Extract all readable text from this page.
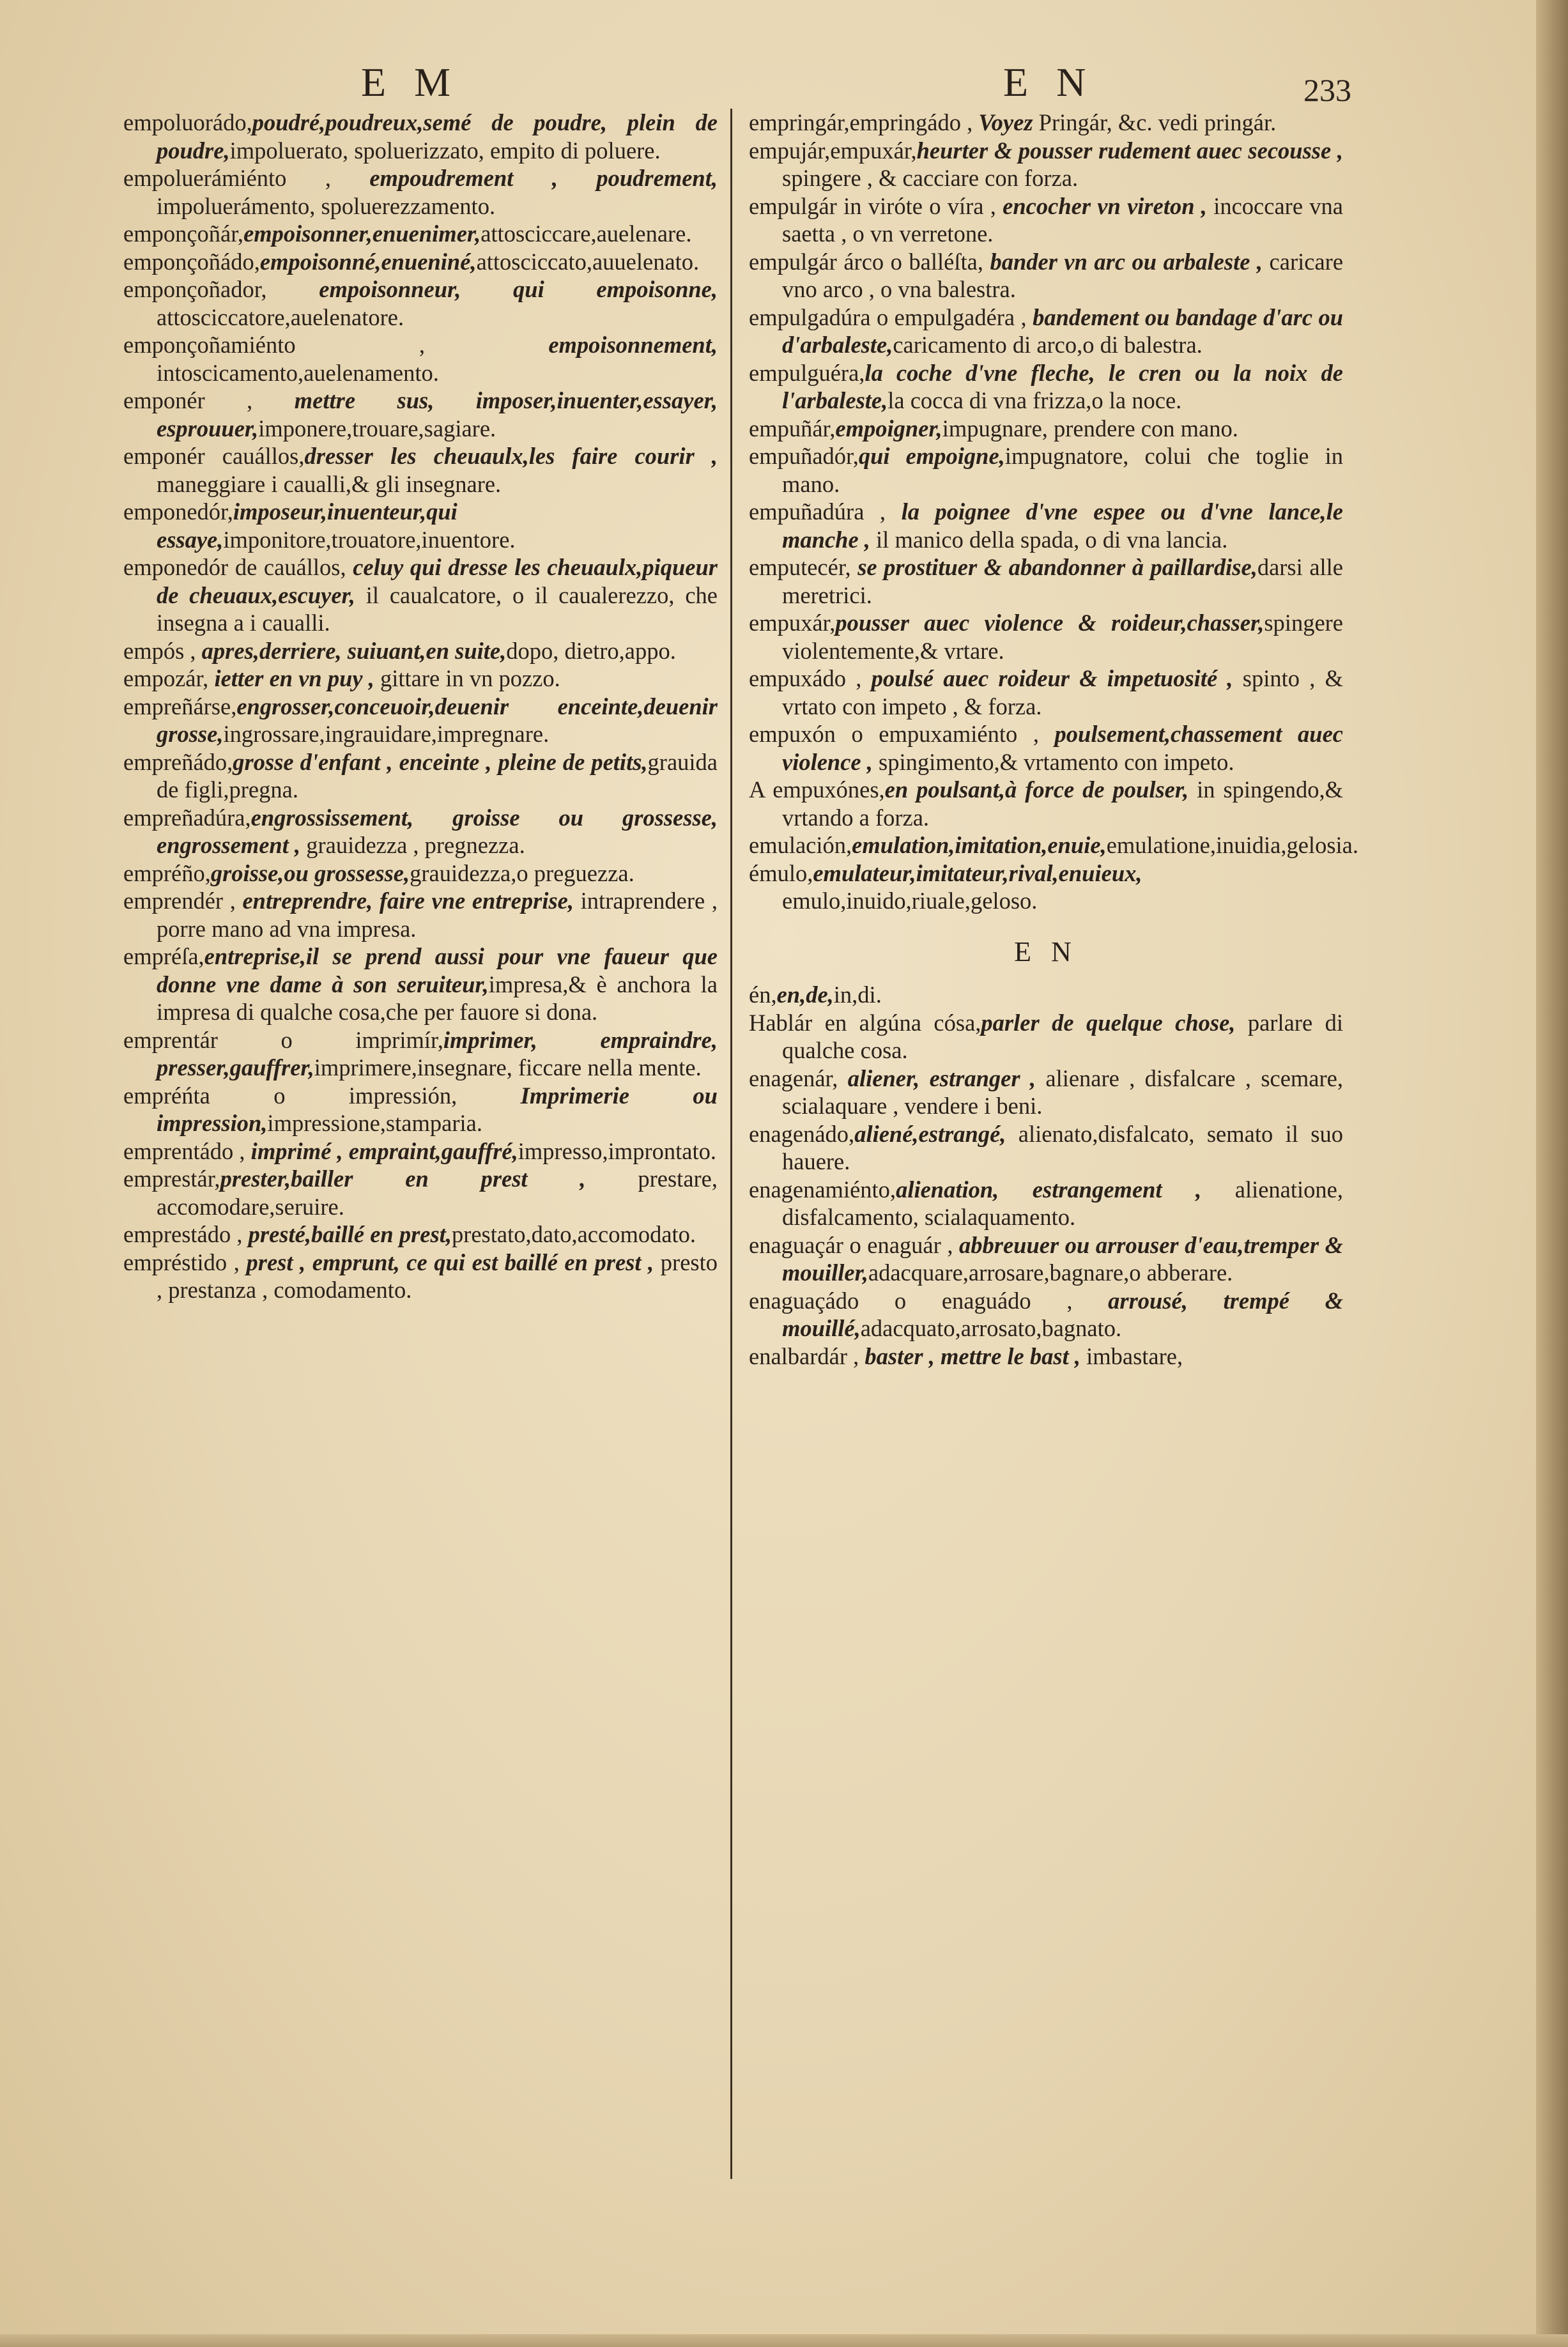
E M	E N	233

empoluorádo,poudré,poudreux,semé de poudre, plein de poudre,impoluerato, spoluerizzato, empito di poluere.

empoluerámiénto , empoudrement , poudrement, impoluerámento, spoluerezzamento.

emponçoñár,empoisonner,enuenimer,attosciccare,auelenare.

emponçoñádo,empoisonné,enueniné,attosciccato,auuelenato.

emponçoñador, empoisonneur, qui empoisonne, attosciccatore,auelenatore.

emponçoñamiénto , empoisonnement, intoscicamento,auelenamento.

emponér , mettre sus, imposer,inuenter,essayer, esprouuer,imponere,trouare,sagiare.

emponér cauállos,dresser les cheuaulx,les faire courir , maneggiare i caualli,& gli insegnare.

emponedór,imposeur,inuenteur,qui essaye,imponitore,trouatore,inuentore.

emponedór de cauállos, celuy qui dresse les cheuaulx,piqueur de cheuaux,escuyer, il caualcatore, o il caualerezzo, che insegna a i caualli.

empós , apres,derriere, suiuant,en suite,dopo, dietro,appo.

empozár, ietter en vn puy , gittare in vn pozzo.

empreñárse,engrosser,conceuoir,deuenir enceinte,deuenir grosse,ingrossare,ingrauidare,impregnare.

empreñádo,grosse d'enfant , enceinte , pleine de petits,grauida de figli,pregna.

empreñadúra,engrossissement, groisse ou grossesse, engrossement , grauidezza , pregnezza.

empréño,groisse,ou grossesse,grauidezza,o preguezza.

emprendér , entreprendre, faire vne entreprise, intraprendere , porre mano ad vna impresa.

empréſa,entreprise,il se prend aussi pour vne faueur que donne vne dame à son seruiteur,impresa,& è anchora la impresa di qualche cosa,che per fauore si dona.

emprentár o imprimír,imprimer, empraindre, presser,gauffrer,imprimere,insegnare, ficcare nella mente.

empréńta o impressión, Imprimerie ou impression,impressione,stamparia.

emprentádo , imprimé , empraint,gauffré,impresso,improntato.

emprestár,prester,bailler en prest , prestare, accomodare,seruire.

emprestádo , presté,baillé en prest,prestato,dato,accomodato.

empréstido , prest , emprunt, ce qui est baillé en prest , presto , prestanza , comodamento.

empringár,empringádo , Voyez Pringár, &c. vedi pringár.

empujár,empuxár,heurter & pousser rudement auec secousse , spingere , & cacciare con forza.

empulgár in viróte o víra , encocher vn vireton , incoccare vna saetta , o vn verretone.

empulgár árco o balléſta, bander vn arc ou arbaleste , caricare vno arco , o vna balestra.

empulgadúra o empulgadéra , bandement ou bandage d'arc ou d'arbaleste,caricamento di arco,o di balestra.

empulguéra,la coche d'vne fleche, le cren ou la noix de l'arbaleste,la cocca di vna frizza,o la noce.

empuñár,empoigner,impugnare, prendere con mano.

empuñadór,qui empoigne,impugnatore, colui che toglie in mano.

empuñadúra , la poignee d'vne espee ou d'vne lance,le manche , il manico della spada, o di vna lancia.

emputecér, se prostituer & abandonner à paillardise,darsi alle meretrici.

empuxár,pousser auec violence & roideur,chasser,spingere violentemente,& vrtare.

empuxádo , poulsé auec roideur & impetuosité , spinto , & vrtato con impeto , & forza.

empuxón o empuxamiénto , poulsement,chassement auec violence , spingimento,& vrtamento con impeto.

A empuxónes,en poulsant,à force de poulser, in spingendo,& vrtando a forza.

emulación,emulation,imitation,enuie,emulatione,inuidia,gelosia.

émulo,emulateur,imitateur,rival,enuieux, emulo,inuido,riuale,geloso.

E N

én,en,de,in,di.

Hablár en algúna cósa,parler de quelque chose, parlare di qualche cosa.

enagenár, aliener, estranger , alienare , disfalcare , scemare, scialaquare , vendere i beni.

enagenádo,aliené,estrangé, alienato,disfalcato, semato il suo hauere.

enagenamiénto,alienation, estrangement , alienatione, disfalcamento, scialaquamento.

enaguaçár o enaguár , abbreuuer ou arrouser d'eau,tremper & mouiller,adacquare,arrosare,bagnare,o abberare.

enaguaçádo o enaguádo , arrousé, trempé & mouillé,adacquato,arrosato,bagnato.

enalbardár , baster , mettre le bast , imbastare,
